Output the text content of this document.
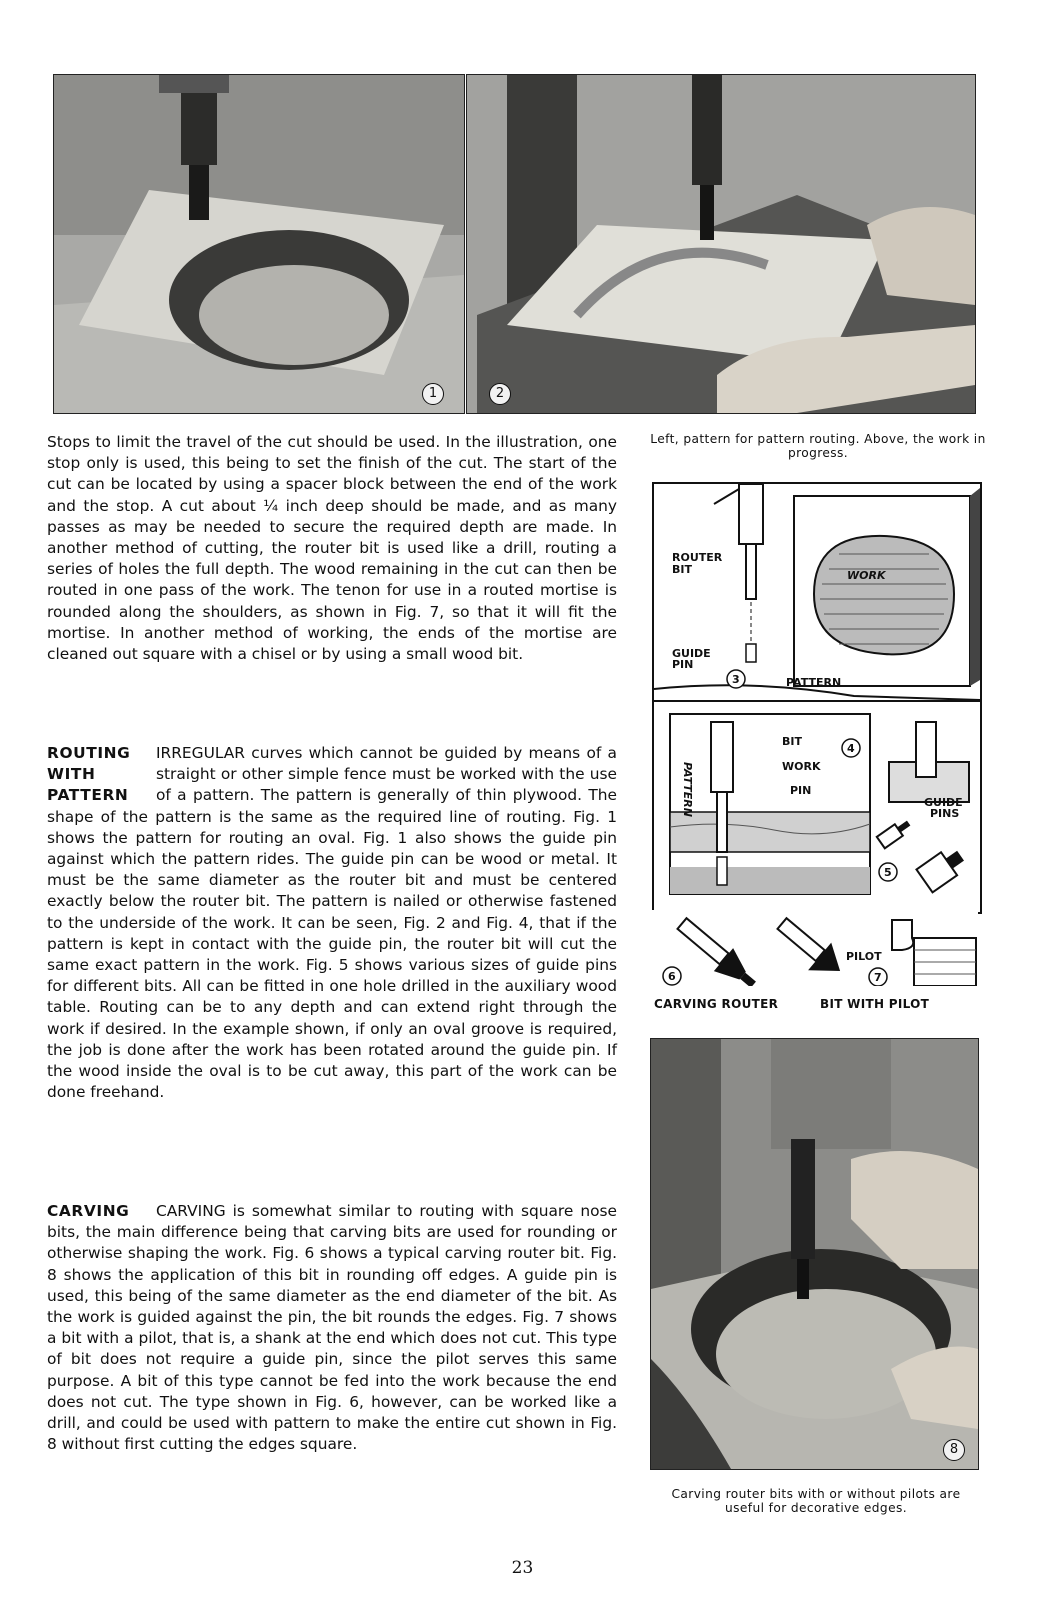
1	2

Stops to limit the travel of the cut should be used. In the illustration, one stop only is used, this being to set the finish of the cut. The start of the cut can be located by using a spacer block between the end of the work and the stop. A cut about ¼ inch deep should be made, and as many passes as may be needed to secure the required depth are made. In another method of cutting, the router bit is used like a drill, routing a series of holes the full depth. The wood remaining in the cut can then be routed in one pass of the work. The tenon for use in a routed mortise is rounded along the shoulders, as shown in Fig. 7, so that it will fit the mortise. In another method of working, the ends of the mortise are cleaned out square with a chisel or by using a small wood bit.

ROUTING
WITH
PATTERN

IRREGULAR curves which cannot be guided by means of a straight or other simple fence must be worked with the use of a pattern. The pattern is generally of thin plywood. The shape of the pattern is the same as the required line of routing. Fig. 1 shows the pattern for routing an oval. Fig. 1 also shows the guide pin against which the pattern rides. The guide pin can be wood or metal. It must be the same diameter as the router bit and must be centered exactly below the router bit. The pattern is nailed or otherwise fastened to the underside of the work. It can be seen, Fig. 2 and Fig. 4, that if the pattern is kept in contact with the guide pin, the router bit will cut the same exact pattern in the work. Fig. 5 shows various sizes of guide pins for different bits. All can be fitted in one hole drilled in the auxiliary wood table. Routing can be to any depth and can extend right through the work if desired. In the example shown, if only an oval groove is required, the job is done after the work has been rotated around the guide pin. If the wood inside the oval is to be cut away, this part of the work can be done freehand.

CARVING	CARVING is somewhat similar to routing with square nose bits, the main difference being that carving bits are used for rounding or otherwise shaping the work. Fig. 6 shows a typical carving router bit. Fig. 8 shows the application of this bit in rounding off edges. A guide pin is used, this being of the same diameter as the end diameter of the bit. As the work is guided against the pin, the bit rounds the edges. Fig. 7 shows a bit with a pilot, that is, a shank at the end which does not cut. This type of bit does not require a guide pin, since the pilot serves this same purpose. A bit of this type cannot be fed into the work because the end does not cut. The type shown in Fig. 6, however, can be worked like a drill, and could be used with pattern to make the entire cut shown in Fig. 8 without first cutting the edges square.

Left, pattern for pattern routing. Above, the work in progress.
ROUTER
BIT	WORK
GUIDE
PIN
PATTERN
3
BIT
WORK
PIN
PATTERN	GUIDE
PINS
4
5
PILOT
6	7
CARVING ROUTER	BIT WITH PILOT
8
Carving router bits with or without pilots are useful for decorative edges.
23
